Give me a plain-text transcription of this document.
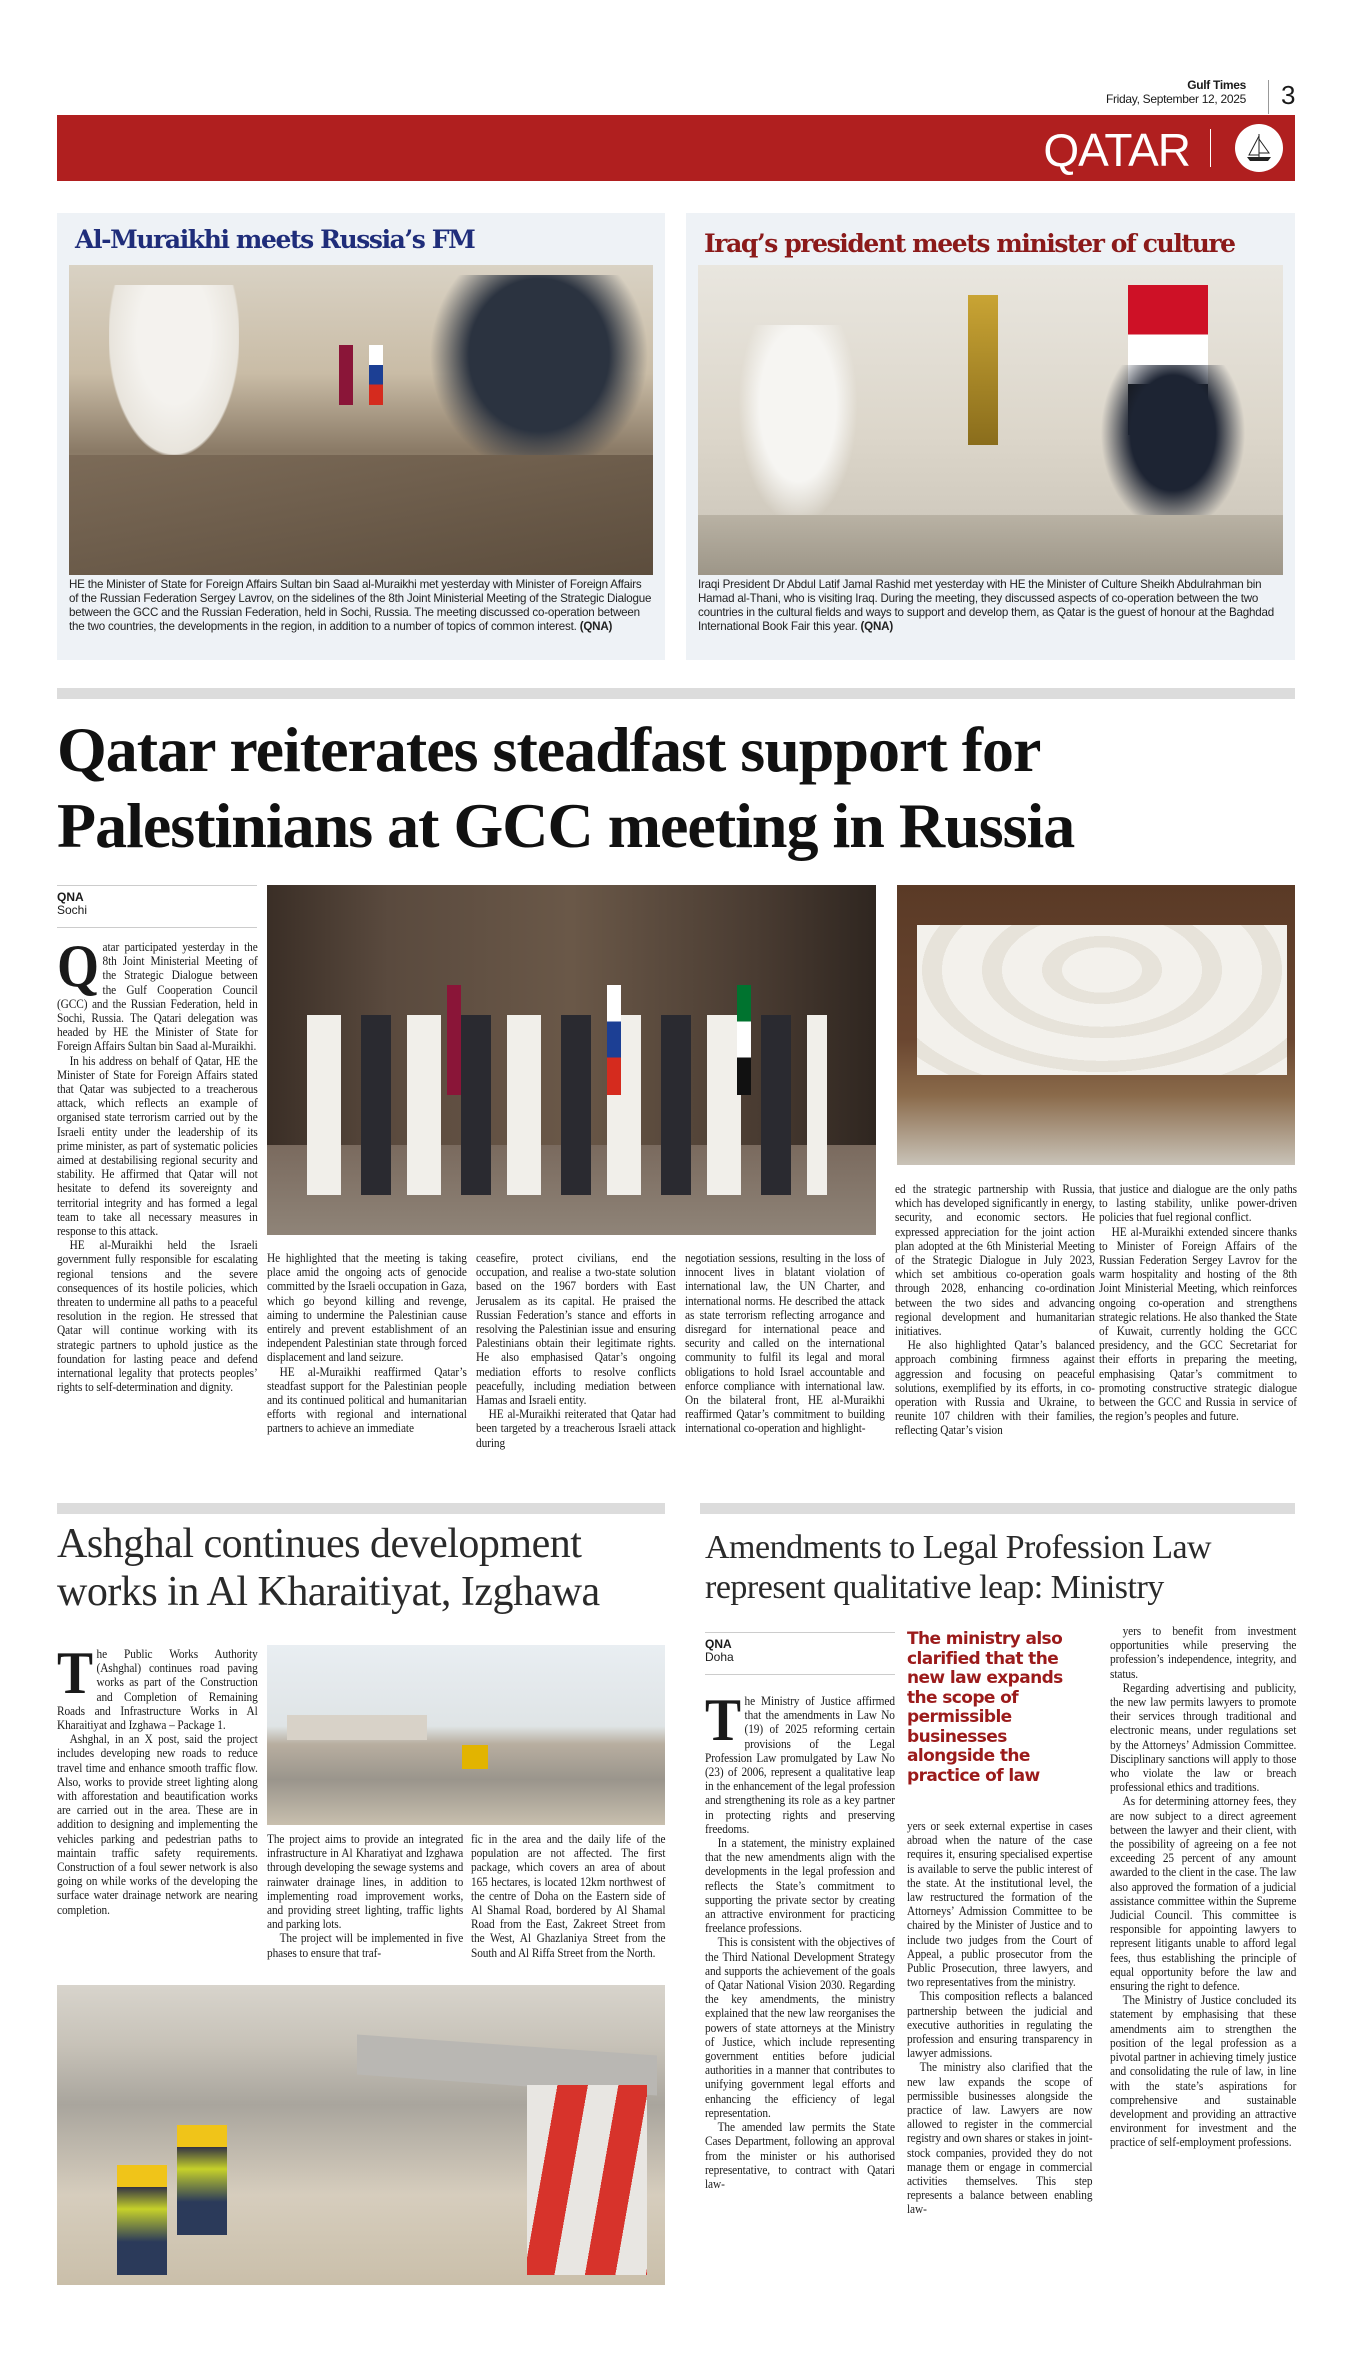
Gulf Times
Friday, September 12, 2025	3
QATAR
Al-Muraikhi meets Russia’s FM
HE the Minister of State for Foreign Affairs Sultan bin Saad al-Muraikhi met yesterday with Minister of Foreign Affairs of the Russian Federation Sergey Lavrov, on the sidelines of the 8th Joint Ministerial Meeting of the Strategic Dialogue between the GCC and the Russian Federation, held in Sochi, Russia. The meeting discussed co-operation between the two countries, the developments in the region, in addition to a number of topics of common interest. (QNA)
Iraq’s president meets minister of culture
Iraqi President Dr Abdul Latif Jamal Rashid met yesterday with HE the Minister of Culture Sheikh Abdulrahman bin Hamad al-Thani, who is visiting Iraq. During the meeting, they discussed aspects of co-operation between the two countries in the cultural fields and ways to support and develop them, as Qatar is the guest of honour at the Baghdad International Book Fair this year. (QNA)
Qatar reiterates steadfast support for
Palestinians at GCC meeting in Russia
QNA
Sochi

Qatar participated yesterday in the 8th Joint Ministerial Meeting of the Strategic Dialogue between the Gulf Cooperation Council (GCC) and the Russian Federation, held in Sochi, Russia. The Qatari delegation was headed by HE the Minister of State for Foreign Affairs Sultan bin Saad al-Muraikhi.

In his address on behalf of Qatar, HE the Minister of State for Foreign Affairs stated that Qatar was subjected to a treacherous attack, which reflects an example of organised state terrorism carried out by the Israeli entity under the leadership of its prime minister, as part of systematic policies aimed at destabilising regional security and stability. He affirmed that Qatar will not hesitate to defend its sovereignty and territorial integrity and has formed a legal team to take all necessary measures in response to this attack.

HE al-Muraikhi held the Israeli government fully responsible for escalating regional tensions and the severe consequences of its hostile policies, which threaten to undermine all paths to a peaceful resolution in the region. He stressed that Qatar will continue working with its strategic partners to uphold justice as the foundation for lasting peace and defend international legality that protects peoples’ rights to self-determination and dignity.

He highlighted that the meeting is taking place amid the ongoing acts of genocide committed by the Israeli occupation in Gaza, which go beyond killing and revenge, aiming to undermine the Palestinian cause entirely and prevent establishment of an independent Palestinian state through forced displacement and land seizure.

HE al-Muraikhi reaffirmed Qatar’s steadfast support for the Palestinian people and its continued political and humanitarian efforts with regional and international partners to achieve an immediate

ceasefire, protect civilians, end the occupation, and realise a two-state solution based on the 1967 borders with East Jerusalem as its capital. He praised the Russian Federation’s stance and efforts in resolving the Palestinian issue and ensuring Palestinians obtain their legitimate rights. He also emphasised Qatar’s ongoing mediation efforts to resolve conflicts peacefully, including mediation between Hamas and Israeli entity.

HE al-Muraikhi reiterated that Qatar had been targeted by a treacherous Israeli attack during

negotiation sessions, resulting in the loss of innocent lives in blatant violation of international law, the UN Charter, and international norms. He described the attack as state terrorism reflecting arrogance and disregard for international peace and security and called on the international community to fulfil its legal and moral obligations to hold Israel accountable and enforce compliance with international law. On the bilateral front, HE al-Muraikhi reaffirmed Qatar’s commitment to building international co-operation and highlight-

ed the strategic partnership with Russia, which has developed significantly in energy, security, and economic sectors. He expressed appreciation for the joint action plan adopted at the 6th Ministerial Meeting of the Strategic Dialogue in July 2023, which set ambitious co-operation goals through 2028, enhancing co-ordination between the two sides and advancing regional development and humanitarian initiatives.

He also highlighted Qatar’s balanced approach combining firmness against aggression and focusing on peaceful solutions, exemplified by its efforts, in co-operation with Russia and Ukraine, to reunite 107 children with their families, reflecting Qatar’s vision

that justice and dialogue are the only paths to lasting stability, unlike power-driven policies that fuel regional conflict.

HE al-Muraikhi extended sincere thanks to Minister of Foreign Affairs of the Russian Federation Sergey Lavrov for the warm hospitality and hosting of the 8th Joint Ministerial Meeting, which reinforces ongoing co-operation and strengthens strategic relations. He also thanked the State of Kuwait, currently holding the GCC presidency, and the GCC Secretariat for their efforts in preparing the meeting, emphasising Qatar’s commitment to promoting constructive strategic dialogue between the GCC and Russia in service of the region’s peoples and future.

Ashghal continues development
works in Al Kharaitiyat, Izghawa

The Public Works Authority (Ashghal) continues road paving works as part of the Construction and Completion of Remaining Roads and Infrastructure Works in Al Kharaitiyat and Izghawa – Package 1.

Ashghal, in an X post, said the project includes developing new roads to reduce travel time and enhance smooth traffic flow. Also, works to provide street lighting along with afforestation and beautification works are carried out in the area. These are in addition to designing and implementing the vehicles parking and pedestrian paths to maintain traffic safety requirements. Construction of a foul sewer network is also going on while works of the developing the surface water drainage network are nearing completion.

The project aims to provide an integrated infrastructure in Al Kharatiyat and Izghawa through developing the sewage systems and rainwater drainage lines, in addition to implementing road improvement works, and providing street lighting, traffic lights and parking lots.

The project will be implemented in five phases to ensure that traf-

fic in the area and the daily life of the population are not affected. The first package, which covers an area of about 165 hectares, is located 12km northwest of the centre of Doha on the Eastern side of Al Shamal Road, bordered by Al Shamal Road from the East, Zakreet Street from the West, Al Ghazlaniya Street from the South and Al Riffa Street from the North.

Amendments to Legal Profession Law
represent qualitative leap: Ministry
QNA
Doha

The Ministry of Justice affirmed that the amendments in Law No (19) of 2025 reforming certain provisions of the Legal Profession Law promulgated by Law No (23) of 2006, represent a qualitative leap in the enhancement of the legal profession and strengthening its role as a key partner in protecting rights and preserving freedoms.

In a statement, the ministry explained that the new amendments align with the developments in the legal profession and reflects the State’s commitment to supporting the private sector by creating an attractive environment for practicing freelance professions.

This is consistent with the objectives of the Third National Development Strategy and supports the achievement of the goals of Qatar National Vision 2030. Regarding the key amendments, the ministry explained that the new law reorganises the powers of state attorneys at the Ministry of Justice, which include representing government entities before judicial authorities in a manner that contributes to unifying government legal efforts and enhancing the efficiency of legal representation.

The amended law permits the State Cases Department, following an approval from the minister or his authorised representative, to contract with Qatari law-

The ministry also clarified that the new law expands the scope of permissible businesses alongside the practice of law

yers or seek external expertise in cases abroad when the nature of the case requires it, ensuring specialised expertise is available to serve the public interest of the state. At the institutional level, the law restructured the formation of the Attorneys’ Admission Committee to be chaired by the Minister of Justice and to include two judges from the Court of Appeal, a public prosecutor from the Public Prosecution, three lawyers, and two representatives from the ministry.

This composition reflects a balanced partnership between the judicial and executive authorities in regulating the profession and ensuring transparency in lawyer admissions.

The ministry also clarified that the new law expands the scope of permissible businesses alongside the practice of law. Lawyers are now allowed to register in the commercial registry and own shares or stakes in joint-stock companies, provided they do not manage them or engage in commercial activities themselves. This step represents a balance between enabling law-

yers to benefit from investment opportunities while preserving the profession’s independence, integrity, and status.

Regarding advertising and publicity, the new law permits lawyers to promote their services through traditional and electronic means, under regulations set by the Attorneys’ Admission Committee. Disciplinary sanctions will apply to those who violate the law or breach professional ethics and traditions.

As for determining attorney fees, they are now subject to a direct agreement between the lawyer and their client, with the possibility of agreeing on a fee not exceeding 25 percent of any amount awarded to the client in the case. The law also approved the formation of a judicial assistance committee within the Supreme Judicial Council. This committee is responsible for appointing lawyers to represent litigants unable to afford legal fees, thus establishing the principle of equal opportunity before the law and ensuring the right to defence.

The Ministry of Justice concluded its statement by emphasising that these amendments aim to strengthen the position of the legal profession as a pivotal partner in achieving timely justice and consolidating the rule of law, in line with the state’s aspirations for comprehensive and sustainable development and providing an attractive environment for investment and the practice of self-employment professions.
